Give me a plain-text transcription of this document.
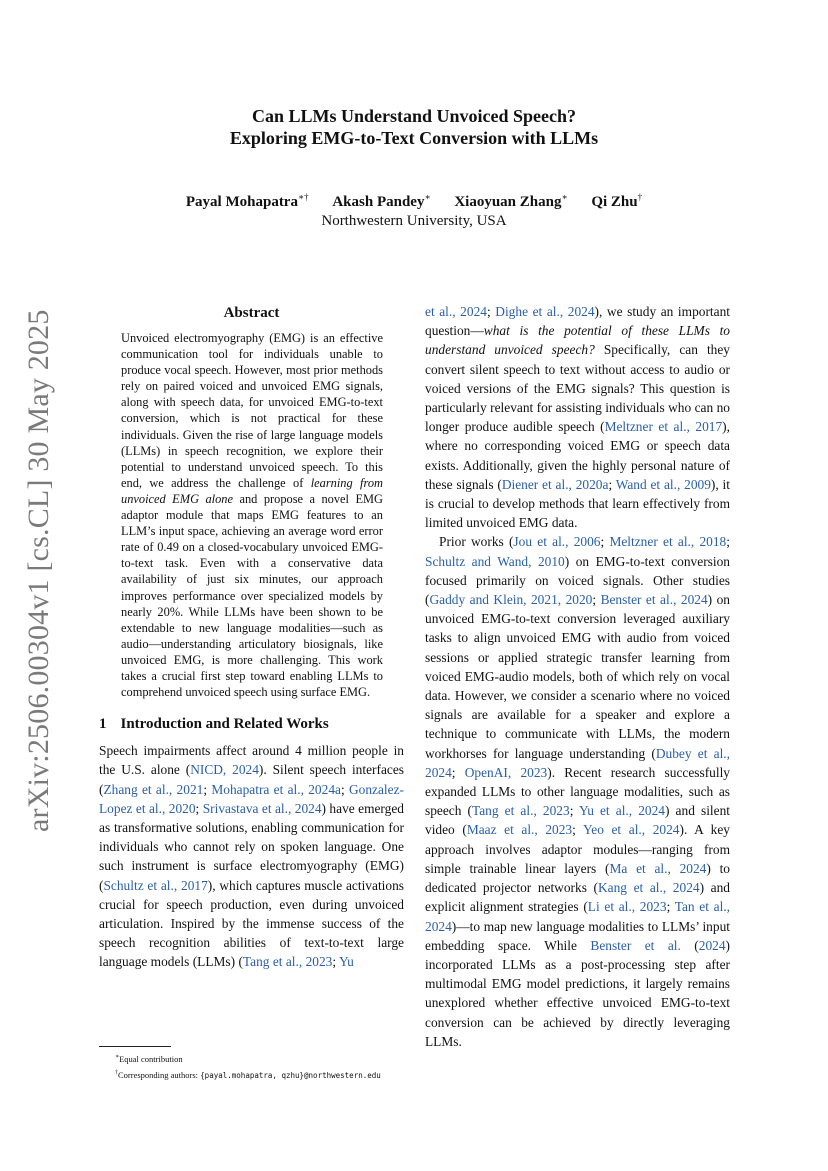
arXiv:2506.00304v1 [cs.CL] 30 May 2025
Can LLMs Understand Unvoiced Speech?
Exploring EMG-to-Text Conversion with LLMs
Payal Mohapatra∗† Akash Pandey∗ Xiaoyuan Zhang∗ Qi Zhu†
Northwestern University, USA
Abstract

Unvoiced electromyography (EMG) is an effective communication tool for individuals unable to produce vocal speech. However, most prior methods rely on paired voiced and unvoiced EMG signals, along with speech data, for unvoiced EMG-to-text conversion, which is not practical for these individuals. Given the rise of large language models (LLMs) in speech recognition, we explore their potential to understand unvoiced speech. To this end, we address the challenge of learning from unvoiced EMG alone and propose a novel EMG adaptor module that maps EMG features to an LLM’s input space, achieving an average word error rate of 0.49 on a closed-vocabulary unvoiced EMG-to-text task. Even with a conservative data availability of just six minutes, our approach improves performance over specialized models by nearly 20%. While LLMs have been shown to be extendable to new language modalities—such as audio—understanding articulatory biosignals, like unvoiced EMG, is more challenging. This work takes a crucial first step toward enabling LLMs to comprehend unvoiced speech using surface EMG.

1 Introduction and Related Works

Speech impairments affect around 4 million people in the U.S. alone (NICD, 2024). Silent speech interfaces (Zhang et al., 2021; Mohapatra et al., 2024a; Gonzalez-Lopez et al., 2020; Srivastava et al., 2024) have emerged as transformative solutions, enabling communication for individuals who cannot rely on spoken language. One such instrument is surface electromyography (EMG) (Schultz et al., 2017), which captures muscle activations crucial for speech production, even during unvoiced articulation. Inspired by the immense success of the speech recognition abilities of text-to-text large language models (LLMs) (Tang et al., 2023; Yu

et al., 2024; Dighe et al., 2024), we study an important question—what is the potential of these LLMs to understand unvoiced speech? Specifically, can they convert silent speech to text without access to audio or voiced versions of the EMG signals? This question is particularly relevant for assisting individuals who can no longer produce audible speech (Meltzner et al., 2017), where no corresponding voiced EMG or speech data exists. Additionally, given the highly personal nature of these signals (Diener et al., 2020a; Wand et al., 2009), it is crucial to develop methods that learn effectively from limited unvoiced EMG data.

Prior works (Jou et al., 2006; Meltzner et al., 2018; Schultz and Wand, 2010) on EMG-to-text conversion focused primarily on voiced signals. Other studies (Gaddy and Klein, 2021, 2020; Benster et al., 2024) on unvoiced EMG-to-text conversion leveraged auxiliary tasks to align unvoiced EMG with audio from voiced sessions or applied strategic transfer learning from voiced EMG-audio models, both of which rely on vocal data. However, we consider a scenario where no voiced signals are available for a speaker and explore a technique to communicate with LLMs, the modern workhorses for language understanding (Dubey et al., 2024; OpenAI, 2023). Recent research successfully expanded LLMs to other language modalities, such as speech (Tang et al., 2023; Yu et al., 2024) and silent video (Maaz et al., 2023; Yeo et al., 2024). A key approach involves adaptor modules—ranging from simple trainable linear layers (Ma et al., 2024) to dedicated projector networks (Kang et al., 2024) and explicit alignment strategies (Li et al., 2023; Tan et al., 2024)—to map new language modalities to LLMs’ input embedding space. While Benster et al. (2024) incorporated LLMs as a post-processing step after multimodal EMG model predictions, it largely remains unexplored whether effective unvoiced EMG-to-text conversion can be achieved by directly leveraging LLMs.

∗Equal contribution
†Corresponding authors: {payal.mohapatra, qzhu}@northwestern.edu
